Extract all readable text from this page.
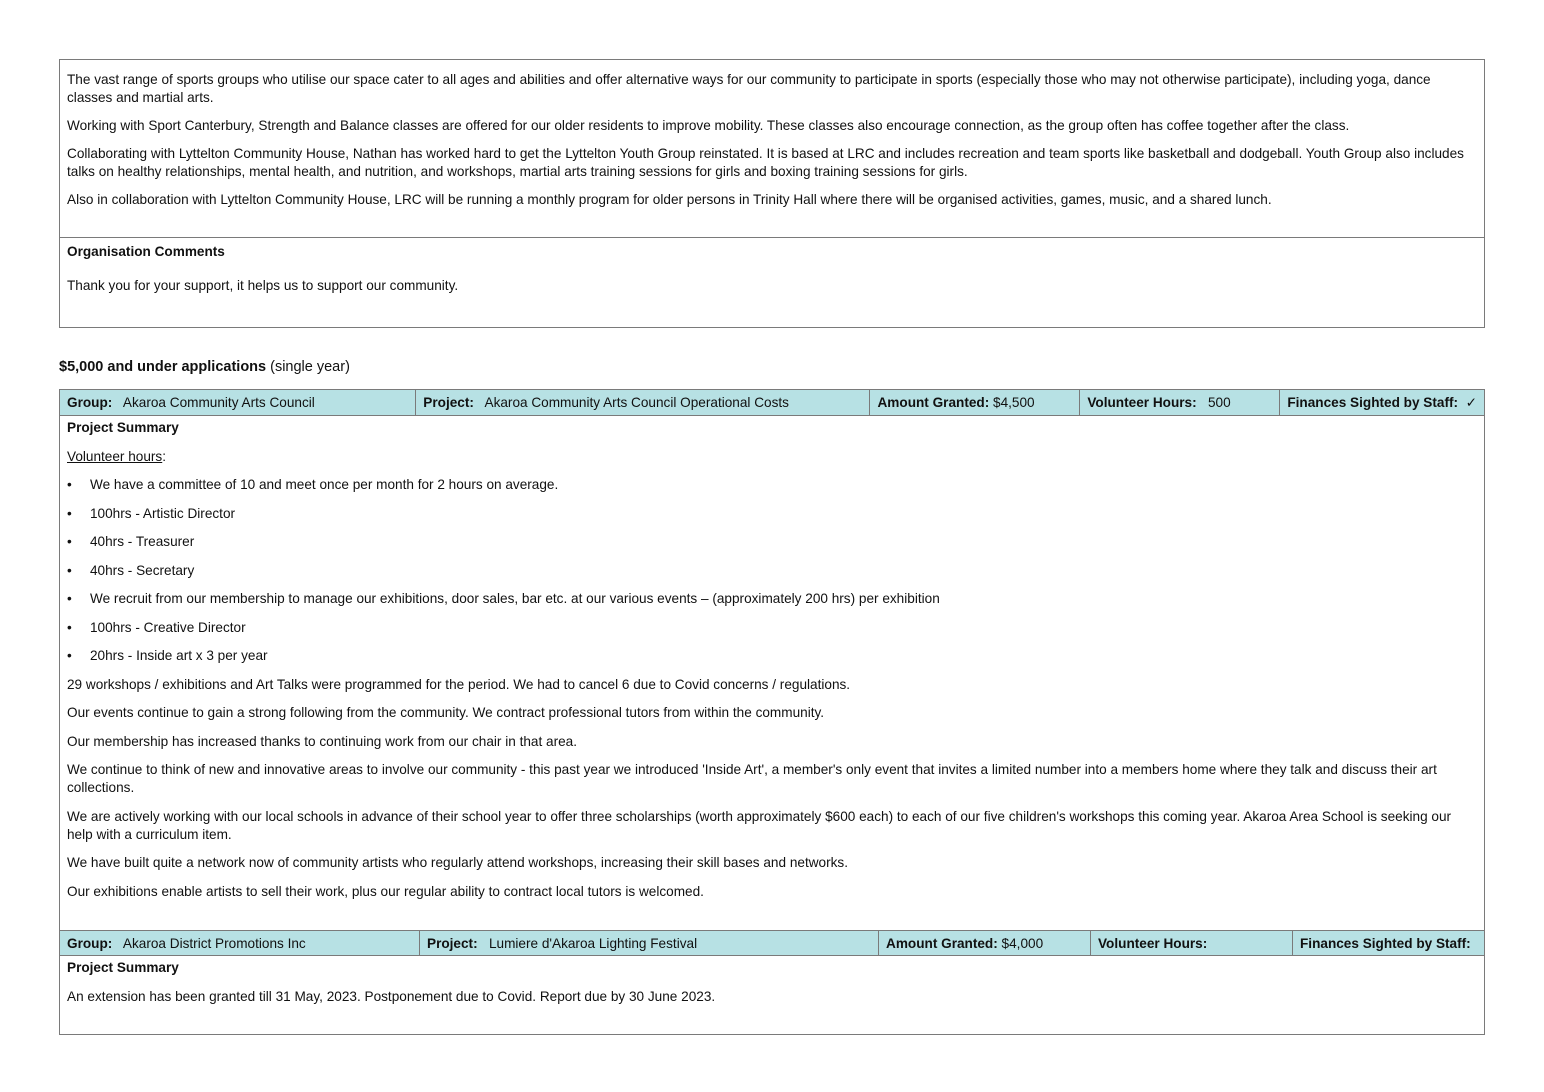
The vast range of sports groups who utilise our space cater to all ages and abilities and offer alternative ways for our community to participate in sports (especially those who may not otherwise participate), including yoga, dance classes and martial arts.

Working with Sport Canterbury, Strength and Balance classes are offered for our older residents to improve mobility. These classes also encourage connection, as the group often has coffee together after the class.

Collaborating with Lyttelton Community House, Nathan has worked hard to get the Lyttelton Youth Group reinstated. It is based at LRC and includes recreation and team sports like basketball and dodgeball. Youth Group also includes talks on healthy relationships, mental health, and nutrition, and workshops, martial arts training sessions for girls and boxing training sessions for girls.

Also in collaboration with Lyttelton Community House, LRC will be running a monthly program for older persons in Trinity Hall where there will be organised activities, games, music, and a shared lunch.

Organisation Comments

Thank you for your support, it helps us to support our community.

$5,000 and under applications (single year)
Group: Akaroa Community Arts Council	Project: Akaroa Community Arts Council Operational Costs	Amount Granted: $4,500	Volunteer Hours: 500	Finances Sighted by Staff: ✓

Project Summary

Volunteer hours:

• We have a committee of 10 and meet once per month for 2 hours on average.
• 100hrs - Artistic Director
• 40hrs - Treasurer
• 40hrs - Secretary
• We recruit from our membership to manage our exhibitions, door sales, bar etc. at our various events – (approximately 200 hrs) per exhibition
• 100hrs - Creative Director
• 20hrs - Inside art x 3 per year

29 workshops / exhibitions and Art Talks were programmed for the period. We had to cancel 6 due to Covid concerns / regulations.

Our events continue to gain a strong following from the community. We contract professional tutors from within the community.

Our membership has increased thanks to continuing work from our chair in that area.

We continue to think of new and innovative areas to involve our community - this past year we introduced 'Inside Art', a member's only event that invites a limited number into a members home where they talk and discuss their art collections.

We are actively working with our local schools in advance of their school year to offer three scholarships (worth approximately $600 each) to each of our five children's workshops this coming year. Akaroa Area School is seeking our help with a curriculum item.

We have built quite a network now of community artists who regularly attend workshops, increasing their skill bases and networks.

Our exhibitions enable artists to sell their work, plus our regular ability to contract local tutors is welcomed.

Group: Akaroa District Promotions Inc	Project: Lumiere d'Akaroa Lighting Festival	Amount Granted: $4,000	Volunteer Hours:	Finances Sighted by Staff:

Project Summary

An extension has been granted till 31 May, 2023. Postponement due to Covid. Report due by 30 June 2023.
